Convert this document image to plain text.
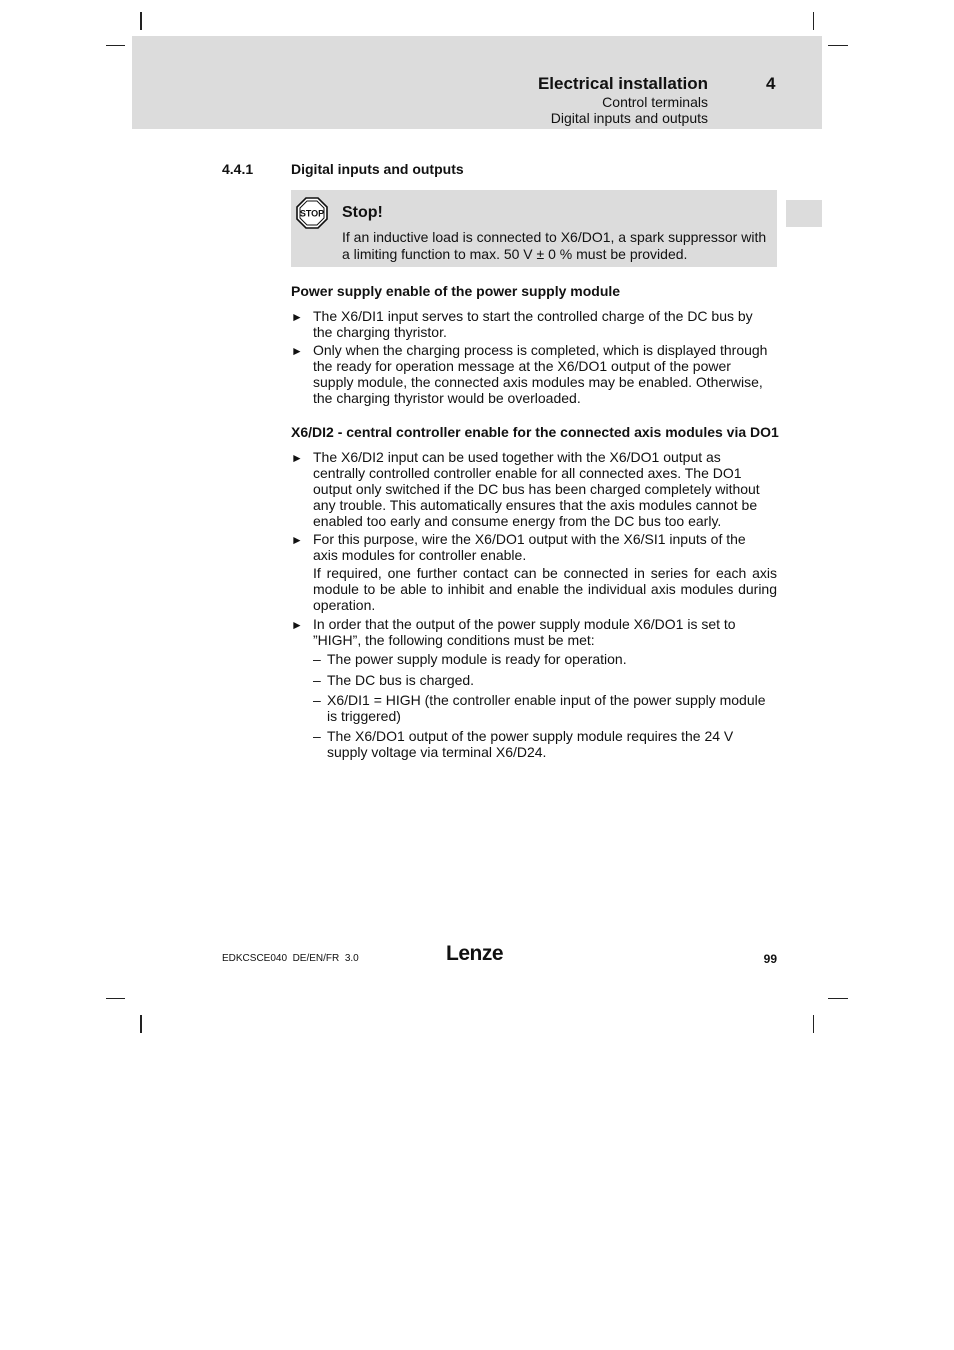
Electrical installation	4
Control terminals
Digital inputs and outputs
4.4.1	Digital inputs and outputs
STOP Stop!
If an inductive load is connected to X6/DO1, a spark suppressor with a limiting function to max. 50 V ± 0 % must be provided.
Power supply enable of the power supply module
► The X6/DI1 input serves to start the controlled charge of the DC bus by the charging thyristor.
► Only when the charging process is completed, which is displayed through the ready for operation message at the X6/DO1 output of the power supply module, the connected axis modules may be enabled. Otherwise, the charging thyristor would be overloaded.
X6/DI2 - central controller enable for the connected axis modules via DO1
► The X6/DI2 input can be used together with the X6/DO1 output as centrally controlled controller enable for all connected axes. The DO1 output only switched if the DC bus has been charged completely without any trouble. This automatically ensures that the axis modules cannot be enabled too early and consume energy from the DC bus too early.
► For this purpose, wire the X6/DO1 output with the X6/SI1 inputs of the axis modules for controller enable.
If required, one further contact can be connected in series for each axis module to be able to inhibit and enable the individual axis modules during operation.
► In order that the output of the power supply module X6/DO1 is set to ”HIGH”, the following conditions must be met:
– The power supply module is ready for operation.
– The DC bus is charged.
– X6/DI1 = HIGH (the controller enable input of the power supply module is triggered)
– The X6/DO1 output of the power supply module requires the 24 V supply voltage via terminal X6/D24.
EDKCSCE040  DE/EN/FR  3.0	Lenze	99
